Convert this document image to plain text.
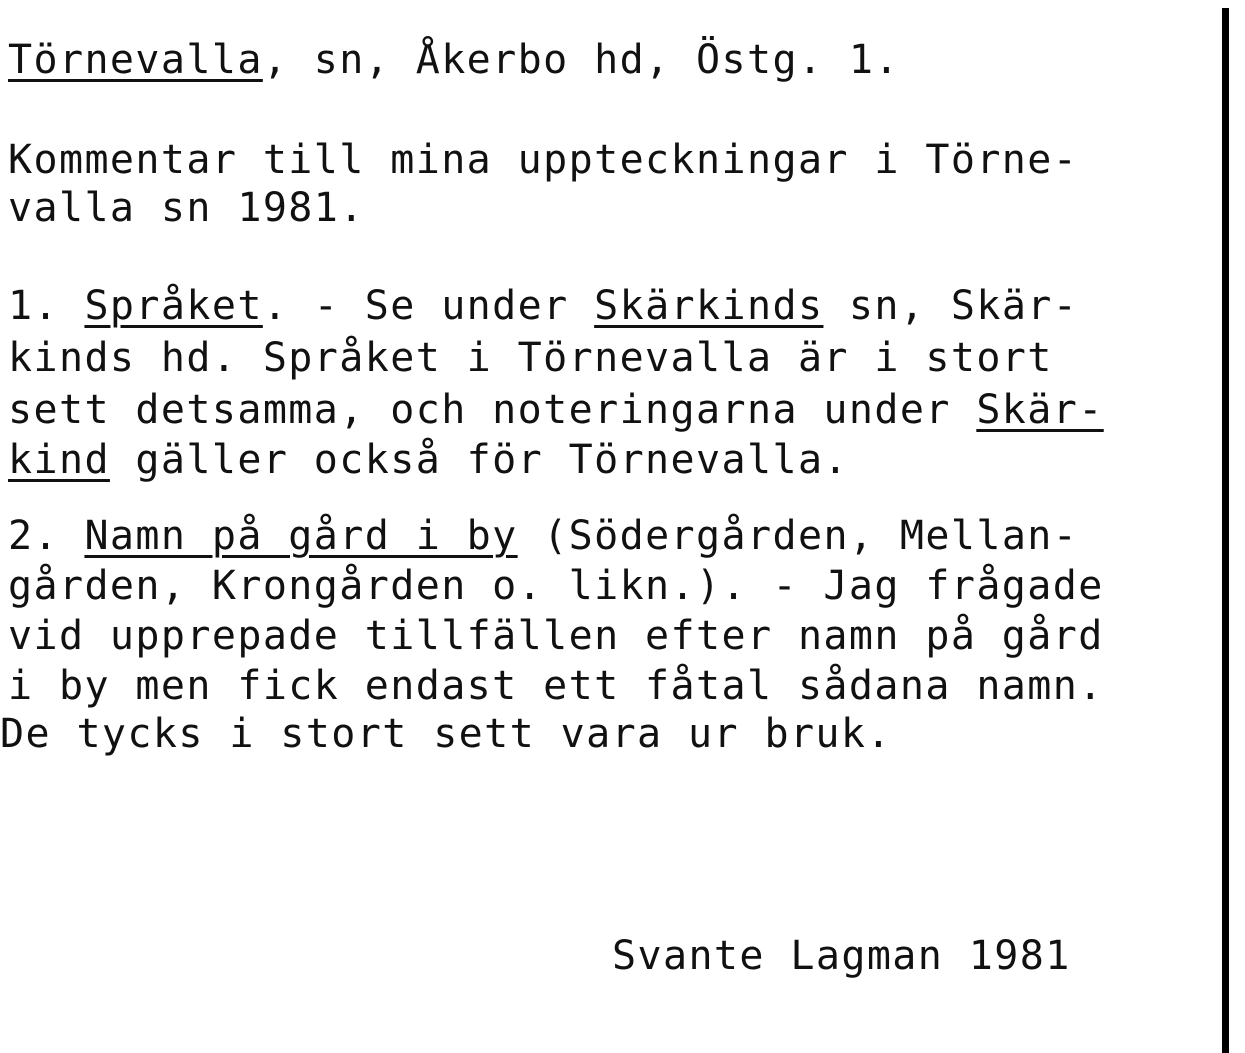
Törnevalla, sn, Åkerbo hd, Östg. 1.
Kommentar till mina uppteckningar i Törne-
valla sn 1981.
1. Språket. - Se under Skärkinds sn, Skär-
kinds hd. Språket i Törnevalla är i stort
sett detsamma, och noteringarna under Skär-
kind gäller också för Törnevalla.
2. Namn på gård i by (Södergården, Mellan-
gården, Krongården o. likn.). - Jag frågade
vid upprepade tillfällen efter namn på gård
i by men fick endast ett fåtal sådana namn.
De tycks i stort sett vara ur bruk.
Svante Lagman 1981
